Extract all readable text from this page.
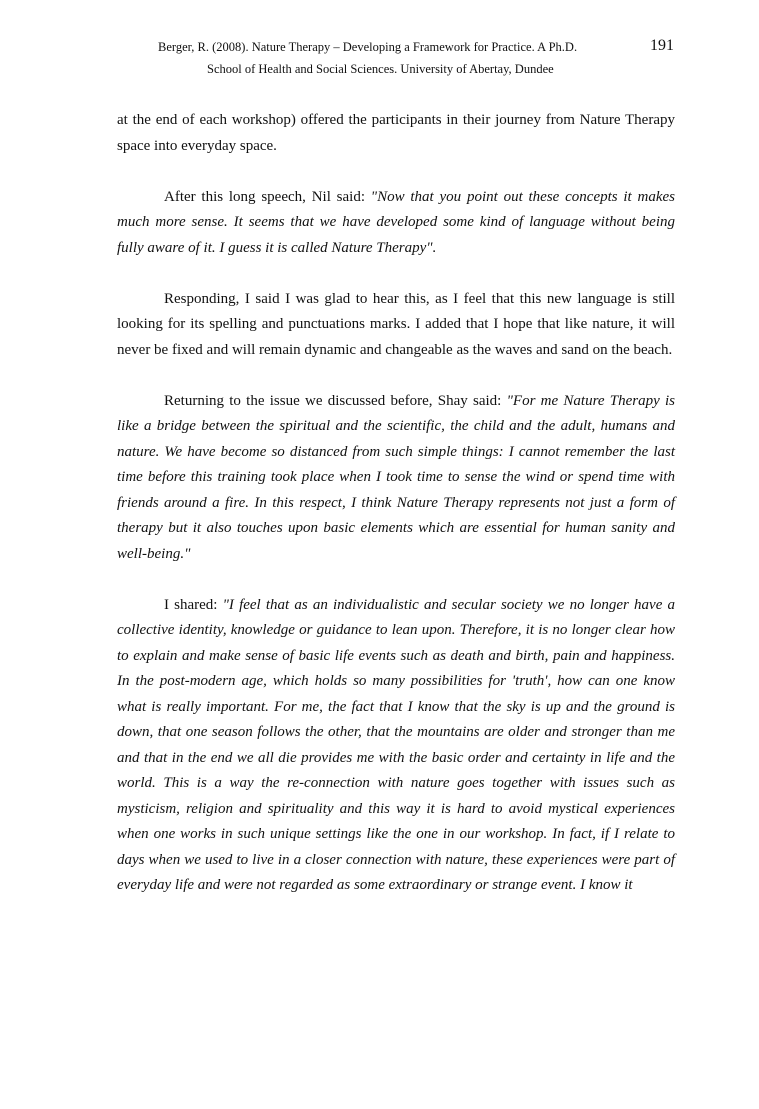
Berger, R. (2008). Nature Therapy – Developing a Framework for Practice. A Ph.D.	191
School of Health and Social Sciences. University of Abertay, Dundee

at the end of each workshop) offered the participants in their journey from Nature Therapy space into everyday space.

After this long speech, Nil said: "Now that you point out these concepts it makes much more sense. It seems that we have developed some kind of language without being fully aware of it. I guess it is called Nature Therapy".

Responding, I said I was glad to hear this, as I feel that this new language is still looking for its spelling and punctuations marks. I added that I hope that like nature, it will never be fixed and will remain dynamic and changeable as the waves and sand on the beach.

Returning to the issue we discussed before, Shay said: "For me Nature Therapy is like a bridge between the spiritual and the scientific, the child and the adult, humans and nature. We have become so distanced from such simple things: I cannot remember the last time before this training took place when I took time to sense the wind or spend time with friends around a fire. In this respect, I think Nature Therapy represents not just a form of therapy but it also touches upon basic elements which are essential for human sanity and well-being."

I shared: "I feel that as an individualistic and secular society we no longer have a collective identity, knowledge or guidance to lean upon. Therefore, it is no longer clear how to explain and make sense of basic life events such as death and birth, pain and happiness. In the post-modern age, which holds so many possibilities for 'truth', how can one know what is really important. For me, the fact that I know that the sky is up and the ground is down, that one season follows the other, that the mountains are older and stronger than me and that in the end we all die provides me with the basic order and certainty in life and the world. This is a way the re-connection with nature goes together with issues such as mysticism, religion and spirituality and this way it is hard to avoid mystical experiences when one works in such unique settings like the one in our workshop. In fact, if I relate to days when we used to live in a closer connection with nature, these experiences were part of everyday life and were not regarded as some extraordinary or strange event. I know it
